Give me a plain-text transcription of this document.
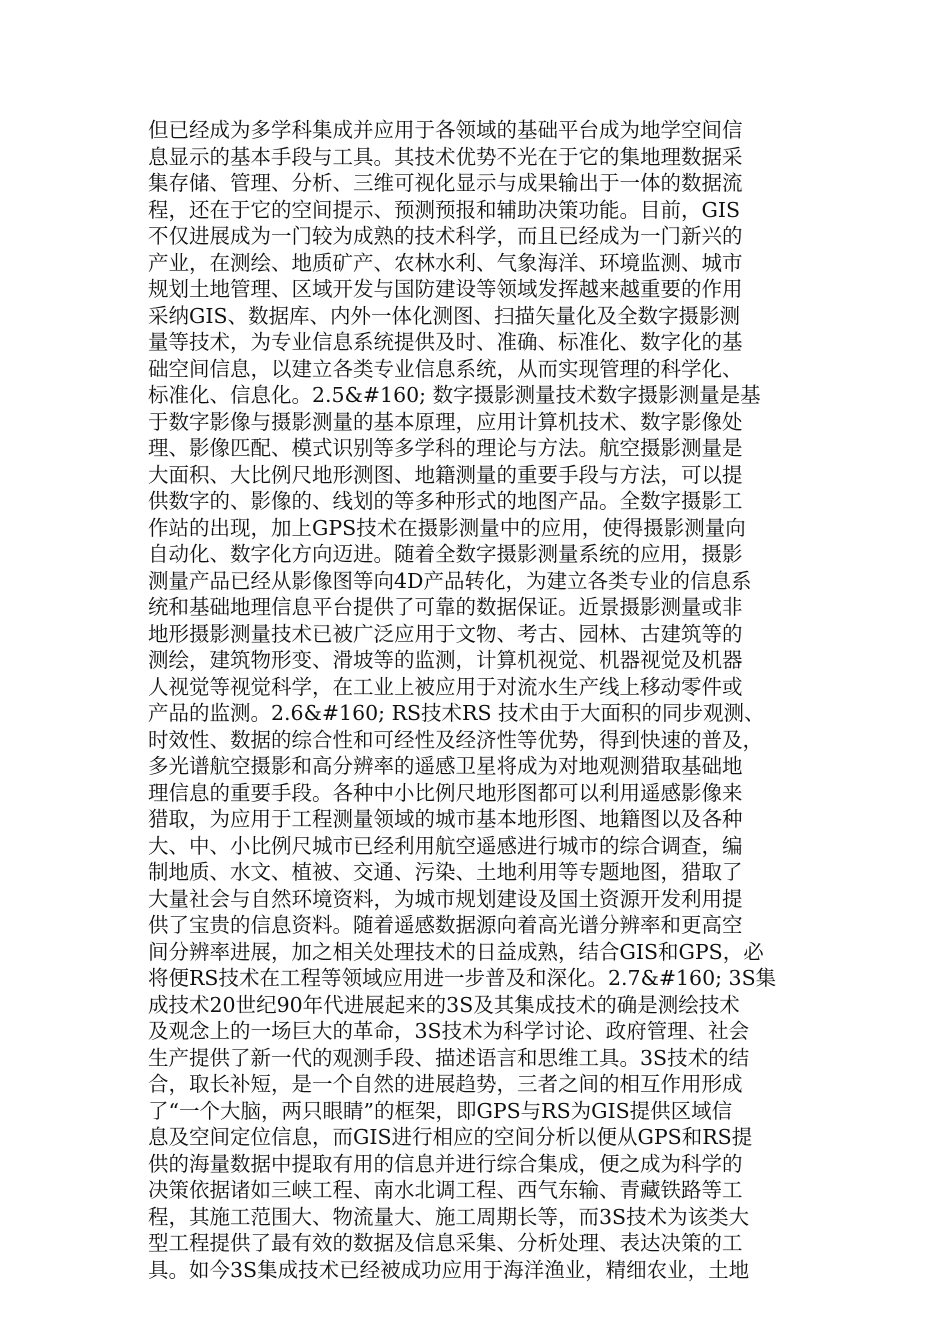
但已经成为多学科集成并应用于各领域的基础平台成为地学空间信
息显示的基本手段与工具。其技术优势不光在于它的集地理数据采
集存储、管理、分析、三维可视化显示与成果输出于一体的数据流
程，还在于它的空间提示、预测预报和辅助决策功能。目前，GIS
不仅进展成为一门较为成熟的技术科学，而且已经成为一门新兴的
产业，在测绘、地质矿产、农林水利、气象海洋、环境监测、城市
规划土地管理、区域开发与国防建设等领域发挥越来越重要的作用
采纳GIS、数据库、内外一体化测图、扫描矢量化及全数字摄影测
量等技术，为专业信息系统提供及时、准确、标准化、数字化的基
础空间信息，以建立各类专业信息系统，从而实现管理的科学化、
标准化、信息化。2.5&#160; 数字摄影测量技术数字摄影测量是基
于数字影像与摄影测量的基本原理，应用计算机技术、数字影像处
理、影像匹配、模式识别等多学科的理论与方法。航空摄影测量是
大面积、大比例尺地形测图、地籍测量的重要手段与方法，可以提
供数字的、影像的、线划的等多种形式的地图产品。全数字摄影工
作站的出现，加上GPS技术在摄影测量中的应用，使得摄影测量向
自动化、数字化方向迈进。随着全数字摄影测量系统的应用，摄影
测量产品已经从影像图等向4D产品转化，为建立各类专业的信息系
统和基础地理信息平台提供了可靠的数据保证。近景摄影测量或非
地形摄影测量技术已被广泛应用于文物、考古、园林、古建筑等的
测绘，建筑物形变、滑坡等的监测，计算机视觉、机器视觉及机器
人视觉等视觉科学，在工业上被应用于对流水生产线上移动零件或
产品的监测。2.6&#160; RS技术RS 技术由于大面积的同步观测、
时效性、数据的综合性和可经性及经济性等优势，得到快速的普及，
多光谱航空摄影和高分辨率的遥感卫星将成为对地观测猎取基础地
理信息的重要手段。各种中小比例尺地形图都可以利用遥感影像来
猎取，为应用于工程测量领域的城市基本地形图、地籍图以及各种
大、中、小比例尺城市已经利用航空遥感进行城市的综合调查，编
制地质、水文、植被、交通、污染、土地利用等专题地图，猎取了
大量社会与自然环境资料，为城市规划建设及国土资源开发利用提
供了宝贵的信息资料。随着遥感数据源向着高光谱分辨率和更高空
间分辨率进展，加之相关处理技术的日益成熟，结合GIS和GPS，必
将便RS技术在工程等领域应用进一步普及和深化。2.7&#160; 3S集
成技术20世纪90年代进展起来的3S及其集成技术的确是测绘技术
及观念上的一场巨大的革命，3S技术为科学讨论、政府管理、社会
生产提供了新一代的观测手段、描述语言和思维工具。3S技术的结
合，取长补短，是一个自然的进展趋势，三者之间的相互作用形成
了“一个大脑，两只眼睛”的框架，即GPS与RS为GIS提供区域信
息及空间定位信息，而GIS进行相应的空间分析以便从GPS和RS提
供的海量数据中提取有用的信息并进行综合集成，便之成为科学的
决策依据诸如三峡工程、南水北调工程、西气东输、青藏铁路等工
程，其施工范围大、物流量大、施工周期长等，而3S技术为该类大
型工程提供了最有效的数据及信息采集、分析处理、表达决策的工
具。如今3S集成技术已经被成功应用于海洋渔业，精细农业，土地
